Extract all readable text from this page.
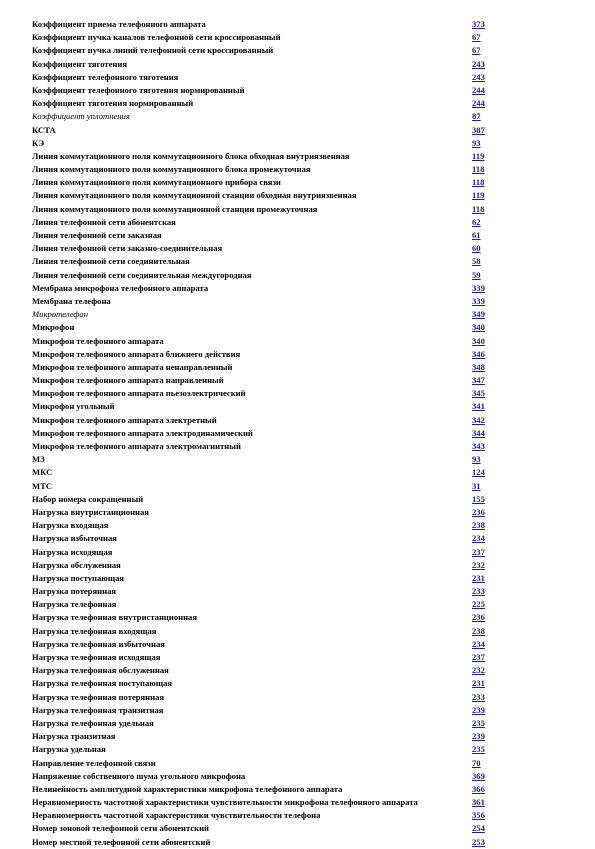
Коэффициент приема телефонного аппарата	373
Коэффициент пучка каналов телефонной сети кроссированный	67
Коэффициент пучка линий телефонной сети кроссированный	67
Коэффициент тяготения	243
Коэффициент телефонного тяготения	243
Коэффициент телефонного тяготения нормированный	244
Коэффициент тяготения нормированный	244
Коэффициент уплотнения	87
КСТА	387
КЭ	93
Линия коммутационного поля коммутационного блока обходная внутриязвенная	119
Линия коммутационного поля коммутационного блока промежуточная	118
Линия коммутационного поля коммутационного прибора связи	118
Линия коммутационного поля коммутационной станции обходная внутриязвенная	119
Линия коммутационного поля коммутационной станции промежуточная	118
Линия телефонной сети абонентская	62
Линия телефонной сети заказная	61
Линия телефонной сети заказно-соединительная	60
Линия телефонной сети соединительная	58
Линия телефонной сети соединительная междугородная	59
Мембрана микрофона телефонного аппарата	339
Мембрана телефона	339
Микротелефон	349
Микрофон	340
Микрофон телефонного аппарата	340
Микрофон телефонного аппарата ближнего действия	346
Микрофон телефонного аппарата ненаправленный	348
Микрофон телефонного аппарата направленный	347
Микрофон телефонного аппарата пьезоэлектрический	345
Микрофон угольный	341
Микрофон телефонного аппарата электретный	342
Микрофон телефонного аппарата электродинамический	344
Микрофон телефонного аппарата электромагнитный	343
МЗ	93
МКС	124
МТС	31
Набор номера сокращенный	155
Нагрузка внутристанционная	236
Нагрузка входящая	238
Нагрузка избыточная	234
Нагрузка исходящая	237
Нагрузка обслуженная	232
Нагрузка поступающая	231
Нагрузка потерянная	233
Нагрузка телефонная	225
Нагрузка телефонная внутристанционная	236
Нагрузка телефонная входящая	238
Нагрузка телефонная избыточная	234
Нагрузка телефонная исходящая	237
Нагрузка телефонная обслуженная	232
Нагрузка телефонная поступающая	231
Нагрузка телефонная потерянная	233
Нагрузка телефонная транзитная	239
Нагрузка телефонная удельная	235
Нагрузка транзитная	239
Нагрузка удельная	235
Направление телефонной связи	70
Напряжение собственного шума угольного микрофона	369
Нелинейность амплитудной характеристики микрофона телефонного аппарата	366
Неравномерность частотной характеристики чувствительности микрофона телефонного аппарата	361
Неравномерность частотной характеристики чувствительности телефона	356
Номер зоновой телефонной сети абонентский	254
Номер местной телефонной сети абонентский	253
